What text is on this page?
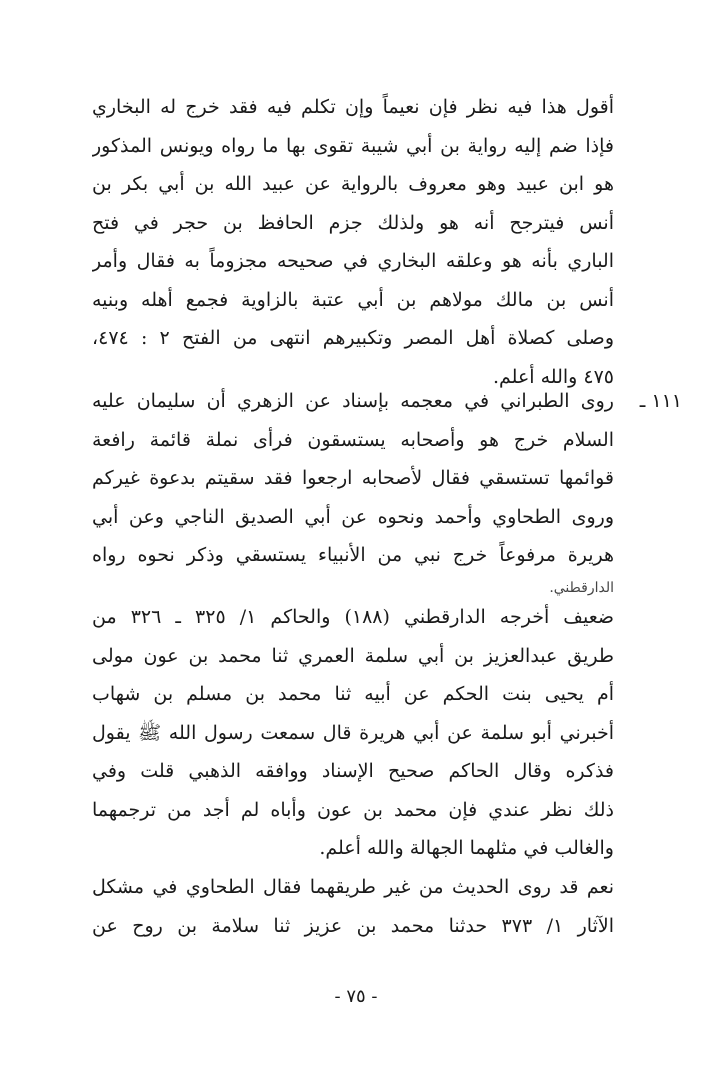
أقول هذا فيه نظر فإن نعيماً وإن تكلم فيه فقد خرج له البخاري
فإذا ضم إليه رواية بن أبي شيبة تقوى بها ما رواه ويونس المذكور
هو ابن عبيد وهو معروف بالرواية عن عبيد الله بن أبي بكر بن
أنس فيترجح أنه هو ولذلك جزم الحافظ بن حجر في فتح
الباري بأنه هو وعلقه البخاري في صحيحه مجزوماً به فقال وأمر
أنس بن مالك مولاهم بن أبي عتبة بالزاوية فجمع أهله وبنيه
وصلى كصلاة أهل المصر وتكبيرهم انتهى من الفتح ٢ : ٤٧٤،
٤٧٥ والله أعلم.
١١١ ـ
روى الطبراني في معجمه بإسناد عن الزهري أن سليمان عليه
السلام خرج هو وأصحابه يستسقون فرأى نملة قائمة رافعة
قوائمها تستسقي فقال لأصحابه ارجعوا فقد سقيتم بدعوة غيركم
وروى الطحاوي وأحمد ونحوه عن أبي الصديق الناجي وعن أبي
هريرة مرفوعاً خرج نبي من الأنبياء يستسقي وذكر نحوه رواه
الدارقطني.
ضعيف أخرجه الدارقطني (١٨٨) والحاكم ١/ ٣٢٥ ـ ٣٢٦ من
طريق عبدالعزيز بن أبي سلمة العمري ثنا محمد بن عون مولى
أم يحيى بنت الحكم عن أبيه ثنا محمد بن مسلم بن شهاب
أخبرني أبو سلمة عن أبي هريرة قال سمعت رسول الله ﷺ يقول
فذكره وقال الحاكم صحيح الإسناد ووافقه الذهبي قلت وفي
ذلك نظر عندي فإن محمد بن عون وأباه لم أجد من ترجمهما
والغالب في مثلهما الجهالة والله أعلم.
نعم قد روى الحديث من غير طريقهما فقال الطحاوي في مشكل
الآثار ١/ ٣٧٣ حدثنا محمد بن عزيز ثنا سلامة بن روح عن
- ٧٥ -
